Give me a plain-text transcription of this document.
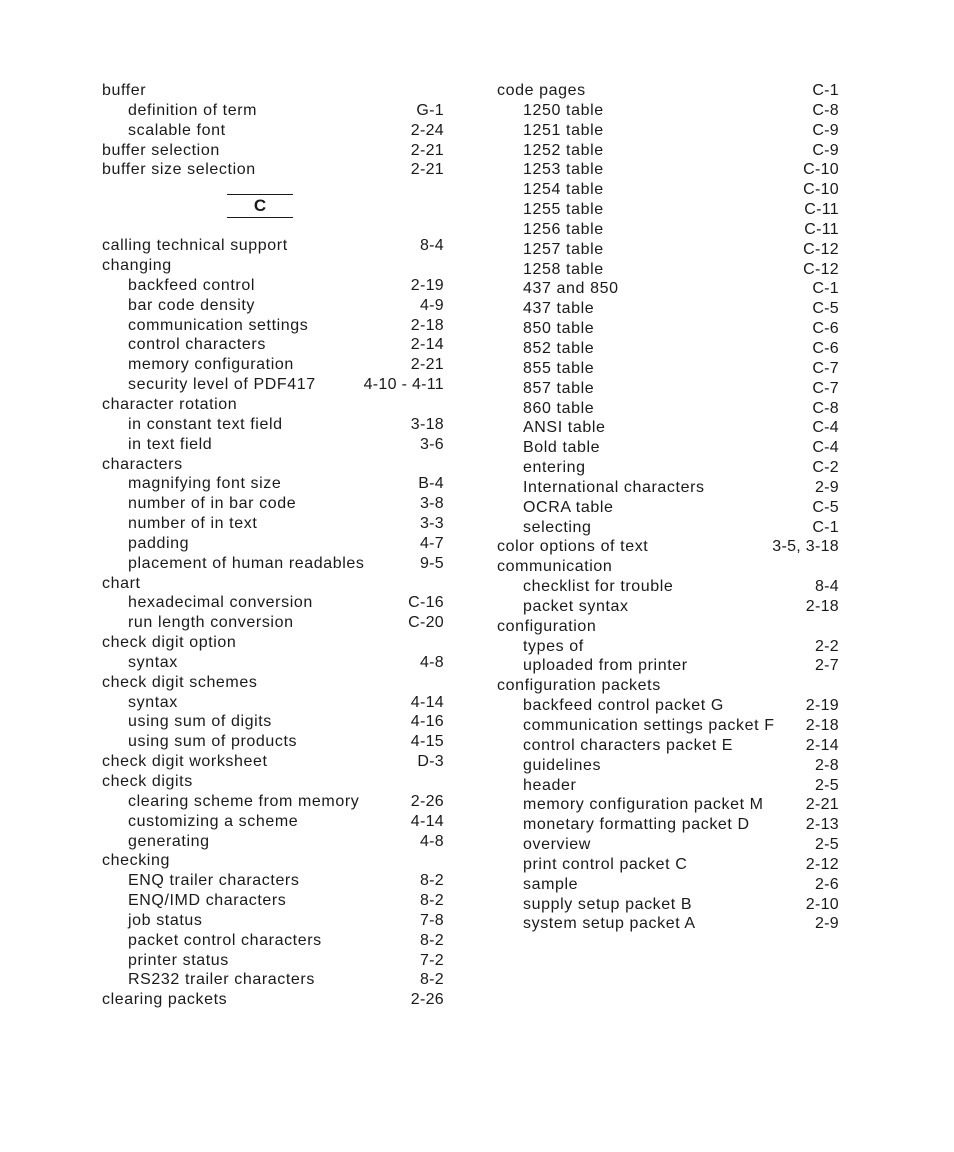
buffer
definition of term	G-1
scalable font	2-24
buffer selection	2-21
buffer size selection	2-21
C
calling technical support	8-4
changing
backfeed control	2-19
bar code density	4-9
communication settings	2-18
control characters	2-14
memory configuration	2-21
security level of PDF417	4-10 - 4-11
character rotation
in constant text field	3-18
in text field	3-6
characters
magnifying font size	B-4
number of in bar code	3-8
number of in text	3-3
padding	4-7
placement of human readables	9-5
chart
hexadecimal conversion	C-16
run length conversion	C-20
check digit option
syntax	4-8
check digit schemes
syntax	4-14
using sum of digits	4-16
using sum of products	4-15
check digit worksheet	D-3
check digits
clearing scheme from memory	2-26
customizing a scheme	4-14
generating	4-8
checking
ENQ trailer characters	8-2
ENQ/IMD characters	8-2
job status	7-8
packet control characters	8-2
printer status	7-2
RS232 trailer characters	8-2
clearing packets	2-26
code pages	C-1
1250 table	C-8
1251 table	C-9
1252 table	C-9
1253 table	C-10
1254 table	C-10
1255 table	C-11
1256 table	C-11
1257 table	C-12
1258 table	C-12
437 and 850	C-1
437 table	C-5
850 table	C-6
852 table	C-6
855 table	C-7
857 table	C-7
860 table	C-8
ANSI table	C-4
Bold table	C-4
entering	C-2
International characters	2-9
OCRA table	C-5
selecting	C-1
color options of text	3-5, 3-18
communication
checklist for trouble	8-4
packet syntax	2-18
configuration
types of	2-2
uploaded from printer	2-7
configuration packets
backfeed control packet G	2-19
communication settings packet F 2-18
control characters packet E	2-14
guidelines	2-8
header	2-5
memory configuration packet M	2-21
monetary formatting packet D	2-13
overview	2-5
print control packet C	2-12
sample	2-6
supply setup packet B	2-10
system setup packet A	2-9
